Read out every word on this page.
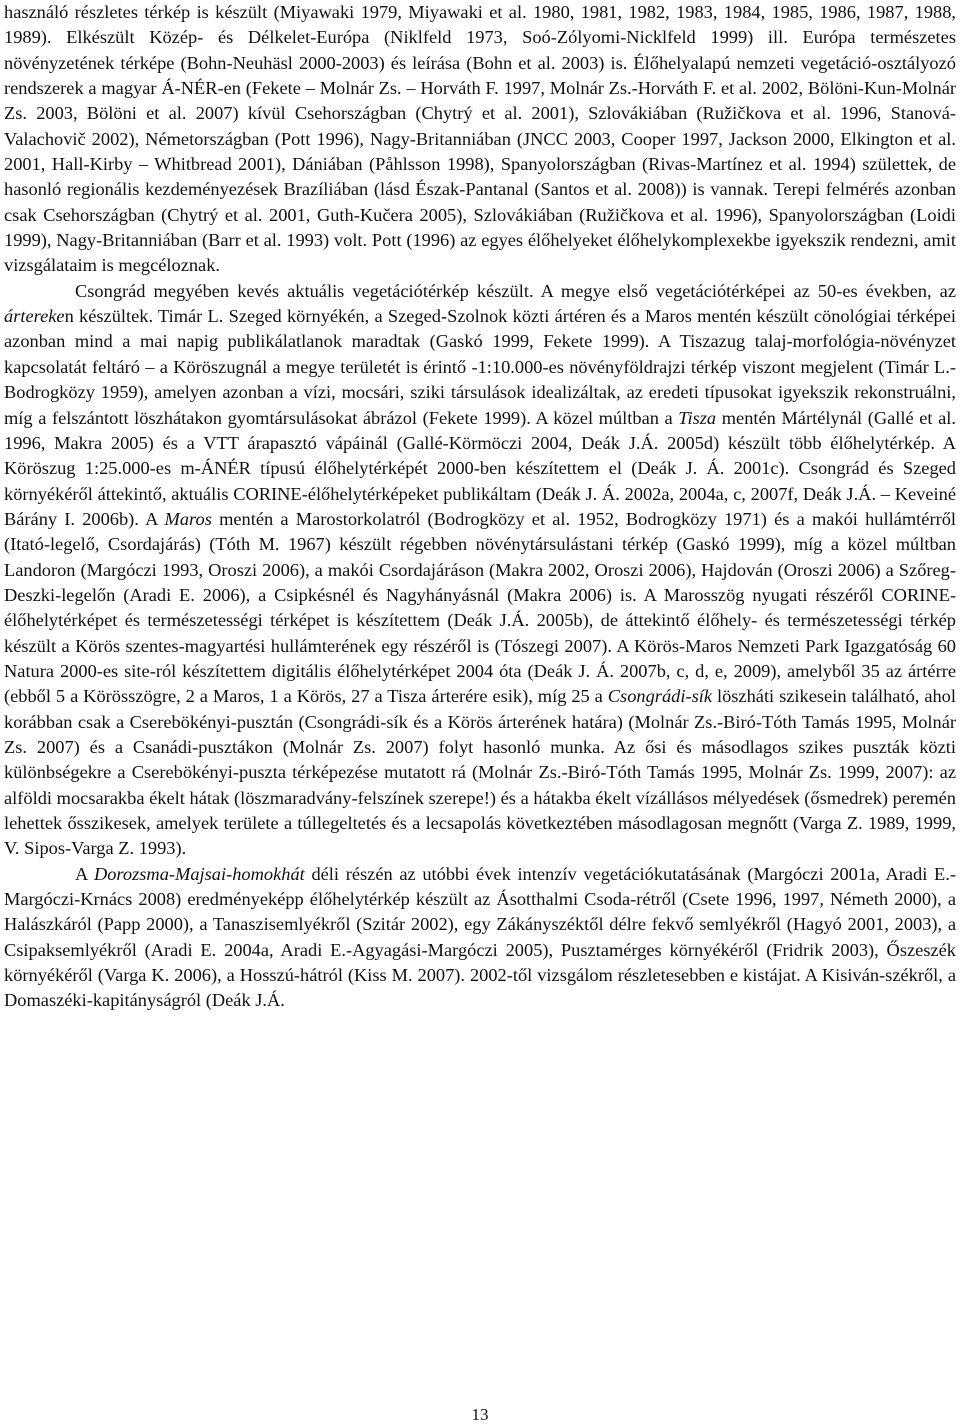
használó részletes térkép is készült (Miyawaki 1979, Miyawaki et al. 1980, 1981, 1982, 1983, 1984, 1985, 1986, 1987, 1988, 1989). Elkészült Közép- és Délkelet-Európa (Niklfeld 1973, Soó-Zólyomi-Nicklfeld 1999) ill. Európa természetes növényzetének térképe (Bohn-Neuhäsl 2000-2003) és leírása (Bohn et al. 2003) is. Élőhelyalapú nemzeti vegetáció-osztályozó rendszerek a magyar Á-NÉR-en (Fekete – Molnár Zs. – Horváth F. 1997, Molnár Zs.-Horváth F. et al. 2002, Bölöni-Kun-Molnár Zs. 2003, Bölöni et al. 2007) kívül Csehországban (Chytrý et al. 2001), Szlovákiában (Ružičkova et al. 1996, Stanová-Valachovič 2002), Németországban (Pott 1996), Nagy-Britanniában (JNCC 2003, Cooper 1997, Jackson 2000, Elkington et al. 2001, Hall-Kirby – Whitbread 2001), Dániában (Påhlsson 1998), Spanyolországban (Rivas-Martínez et al. 1994) születtek, de hasonló regionális kezdeményezések Brazíliában (lásd Észak-Pantanal (Santos et al. 2008)) is vannak. Terepi felmérés azonban csak Csehországban (Chytrý et al. 2001, Guth-Kučera 2005), Szlovákiában (Ružičkova et al. 1996), Spanyolországban (Loidi 1999), Nagy-Britanniában (Barr et al. 1993) volt. Pott (1996) az egyes élőhelyeket élőhelykomplexekbe igyekszik rendezni, amit vizsgálataim is megcéloznak.

Csongrád megyében kevés aktuális vegetációtérkép készült. A megye első vegetációtérképei az 50-es években, az ártereken készültek. Timár L. Szeged környékén, a Szeged-Szolnok közti ártéren és a Maros mentén készült cönológiai térképei azonban mind a mai napig publikálatlanok maradtak (Gaskó 1999, Fekete 1999). A Tiszazug talaj-morfológia-növényzet kapcsolatát feltáró – a Köröszugnál a megye területét is érintő -1:10.000-es növényföldrajzi térkép viszont megjelent (Timár L.-Bodrogközy 1959), amelyen azonban a vízi, mocsári, sziki társulások idealizáltak, az eredeti típusokat igyekszik rekonstruálni, míg a felszántott löszhátakon gyomtársulásokat ábrázol (Fekete 1999). A közel múltban a Tisza mentén Mártélynál (Gallé et al. 1996, Makra 2005) és a VTT árapasztó vápáinál (Gallé-Körmöczi 2004, Deák J.Á. 2005d) készült több élőhelytérkép. A Köröszug 1:25.000-es m-ÁNÉR típusú élőhelytérképét 2000-ben készítettem el (Deák J. Á. 2001c). Csongrád és Szeged környékéről áttekintő, aktuális CORINE-élőhelytérképeket publikáltam (Deák J. Á. 2002a, 2004a, c, 2007f, Deák J.Á. – Keveiné Bárány I. 2006b). A Maros mentén a Marostorkolatról (Bodrogközy et al. 1952, Bodrogközy 1971) és a makói hullámtérről (Itató-legelő, Csordajárás) (Tóth M. 1967) készült régebben növénytársulástani térkép (Gaskó 1999), míg a közel múltban Landoron (Margóczi 1993, Oroszi 2006), a makói Csordajáráson (Makra 2002, Oroszi 2006), Hajdován (Oroszi 2006) a Szőreg-Deszki-legelőn (Aradi E. 2006), a Csipkésnél és Nagyhányásnál (Makra 2006) is. A Marosszög nyugati részéről CORINE-élőhelytérképet és természetességi térképet is készítettem (Deák J.Á. 2005b), de áttekintő élőhely- és természetességi térkép készült a Körös szentes-magyartési hullámterének egy részéről is (Tószegi 2007). A Körös-Maros Nemzeti Park Igazgatóság 60 Natura 2000-es site-ról készítettem digitális élőhelytérképet 2004 óta (Deák J. Á. 2007b, c, d, e, 2009), amelyből 35 az ártérre (ebből 5 a Körösszögre, 2 a Maros, 1 a Körös, 27 a Tisza árterére esik), míg 25 a Csongrádi-sík löszháti szikesein található, ahol korábban csak a Cserebökényi-pusztán (Csongrádi-sík és a Körös árterének határa) (Molnár Zs.-Biró-Tóth Tamás 1995, Molnár Zs. 2007) és a Csanádi-pusztákon (Molnár Zs. 2007) folyt hasonló munka. Az ősi és másodlagos szikes puszták közti különbségekre a Cserebökényi-puszta térképezése mutatott rá (Molnár Zs.-Biró-Tóth Tamás 1995, Molnár Zs. 1999, 2007): az alföldi mocsarakba ékelt hátak (löszmaradvány-felszínek szerepe!) és a hátakba ékelt vízállásos mélyedések (ősmedrek) peremén lehettek ősszikesek, amelyek területe a túllegeltetés és a lecsapolás következtében másodlagosan megnőtt (Varga Z. 1989, 1999, V. Sipos-Varga Z. 1993).

A Dorozsma-Majsai-homokhát déli részén az utóbbi évek intenzív vegetációkutatásának (Margóczi 2001a, Aradi E.-Margóczi-Krnács 2008) eredményeképp élőhelytérkép készült az Ásotthalmi Csoda-rétről (Csete 1996, 1997, Németh 2000), a Halászkáról (Papp 2000), a Tanaszisemlyékről (Szitár 2002), egy Zákányszéktől délre fekvő semlyékről (Hagyó 2001, 2003), a Csipaksemlyékről (Aradi E. 2004a, Aradi E.-Agyagási-Margóczi 2005), Pusztamérges környékéről (Fridrik 2003), Őszeszék környékéről (Varga K. 2006), a Hosszú-hátról (Kiss M. 2007). 2002-től vizsgálom részletesebben e kistájat. A Kisiván-székről, a Domaszéki-kapitányságról (Deák J.Á.

13
